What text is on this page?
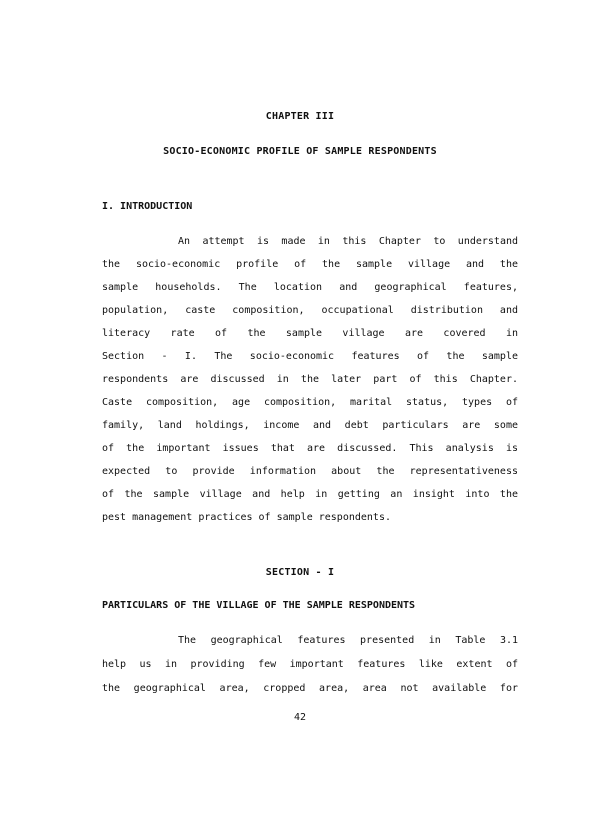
CHAPTER III
SOCIO-ECONOMIC PROFILE OF SAMPLE RESPONDENTS
I. INTRODUCTION
An attempt is made in this Chapter to understand
the socio-economic profile of the sample village and the
sample households. The location and geographical features,
population, caste composition, occupational distribution and
literacy rate of the sample village are covered in
Section - I. The socio-economic features of the sample
respondents are discussed in the later part of this Chapter.
Caste composition, age composition, marital status, types of
family, land holdings, income and debt particulars are some
of the important issues that are discussed. This analysis is
expected to provide information about the representativeness
of the sample village and help in getting an insight into the
pest management practices of sample respondents.
SECTION - I
PARTICULARS OF THE VILLAGE OF THE SAMPLE RESPONDENTS
The geographical features presented in Table 3.1
help us in providing few important features like extent of
the geographical area, cropped area, area not available for
42
